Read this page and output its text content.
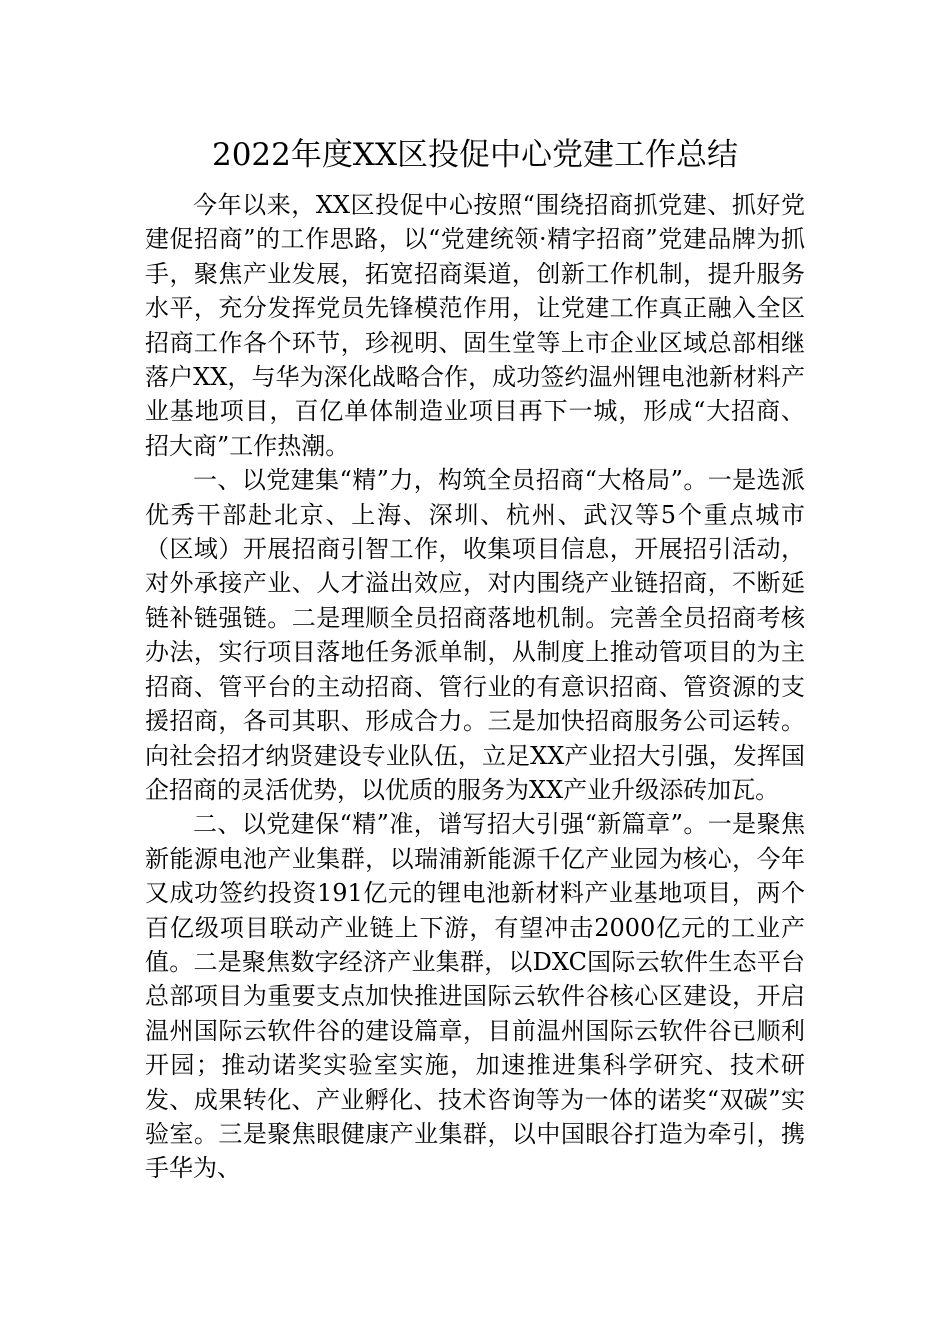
2022年度XX区投促中心党建工作总结

今年以来，XX区投促中心按照“围绕招商抓党建、抓好党建促招商”的工作思路，以“党建统领·精字招商”党建品牌为抓手，聚焦产业发展，拓宽招商渠道，创新工作机制，提升服务水平，充分发挥党员先锋模范作用，让党建工作真正融入全区招商工作各个环节，珍视明、固生堂等上市企业区域总部相继落户XX，与华为深化战略合作，成功签约温州锂电池新材料产业基地项目，百亿单体制造业项目再下一城，形成“大招商、招大商”工作热潮。

一、以党建集“精”力，构筑全员招商“大格局”。一是选派优秀干部赴北京、上海、深圳、杭州、武汉等5个重点城市（区域）开展招商引智工作，收集项目信息，开展招引活动，对外承接产业、人才溢出效应，对内围绕产业链招商，不断延链补链强链。二是理顺全员招商落地机制。完善全员招商考核办法，实行项目落地任务派单制，从制度上推动管项目的为主招商、管平台的主动招商、管行业的有意识招商、管资源的支援招商，各司其职、形成合力。三是加快招商服务公司运转。向社会招才纳贤建设专业队伍，立足XX产业招大引强，发挥国企招商的灵活优势，以优质的服务为XX产业升级添砖加瓦。

二、以党建保“精”准，谱写招大引强“新篇章”。一是聚焦新能源电池产业集群，以瑞浦新能源千亿产业园为核心，今年又成功签约投资191亿元的锂电池新材料产业基地项目，两个百亿级项目联动产业链上下游，有望冲击2000亿元的工业产值。二是聚焦数字经济产业集群，以DXC国际云软件生态平台总部项目为重要支点加快推进国际云软件谷核心区建设，开启温州国际云软件谷的建设篇章，目前温州国际云软件谷已顺利开园；推动诺奖实验室实施，加速推进集科学研究、技术研发、成果转化、产业孵化、技术咨询等为一体的诺奖“双碳”实验室。三是聚焦眼健康产业集群，以中国眼谷打造为牵引，携手华为、
